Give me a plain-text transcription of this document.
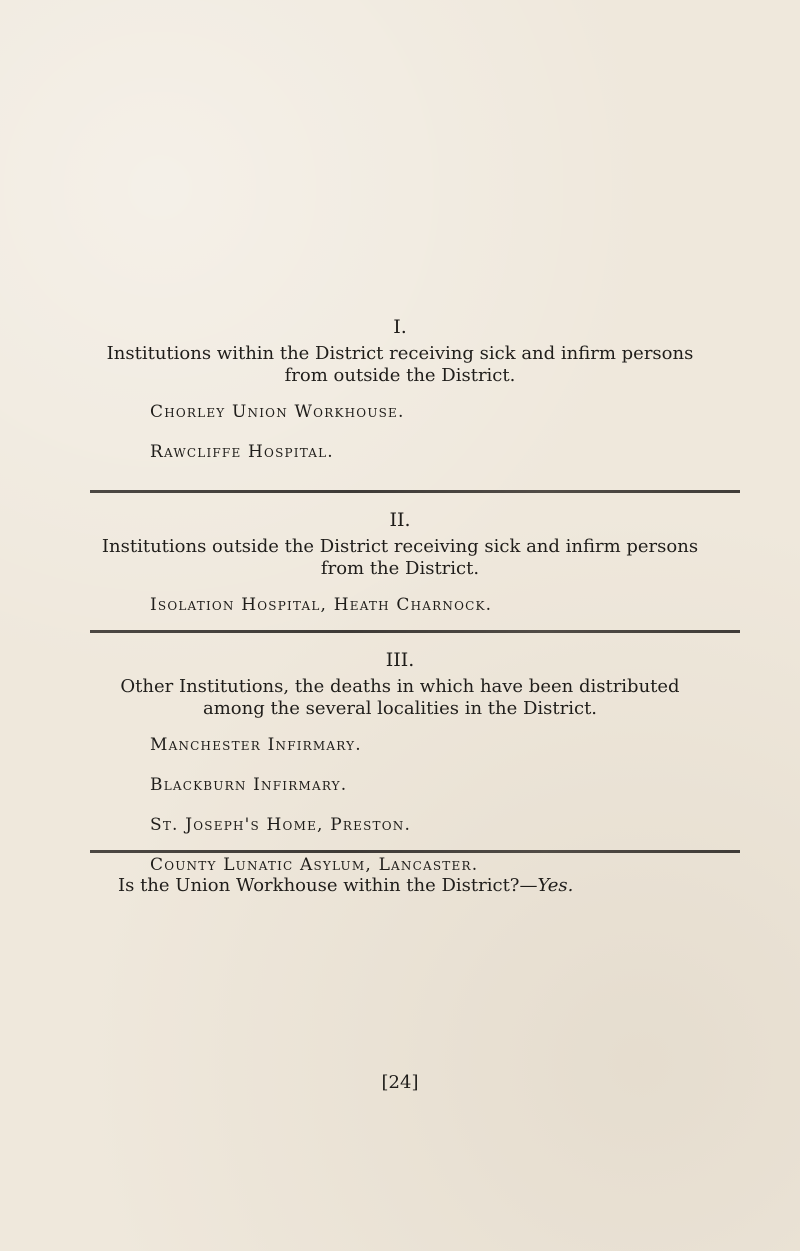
I.

Institutions within the District receiving sick and infirm persons
from outside the District.

Chorley Union Workhouse.
Rawcliffe Hospital.

II.

Institutions outside the District receiving sick and infirm persons
from the District.

Isolation Hospital, Heath Charnock.

III.

Other Institutions, the deaths in which have been distributed
among the several localities in the District.

Manchester Infirmary.
Blackburn Infirmary.
St. Joseph's Home, Preston.
County Lunatic Asylum, Lancaster.
Is the Union Workhouse within the District?—Yes.
[24]
